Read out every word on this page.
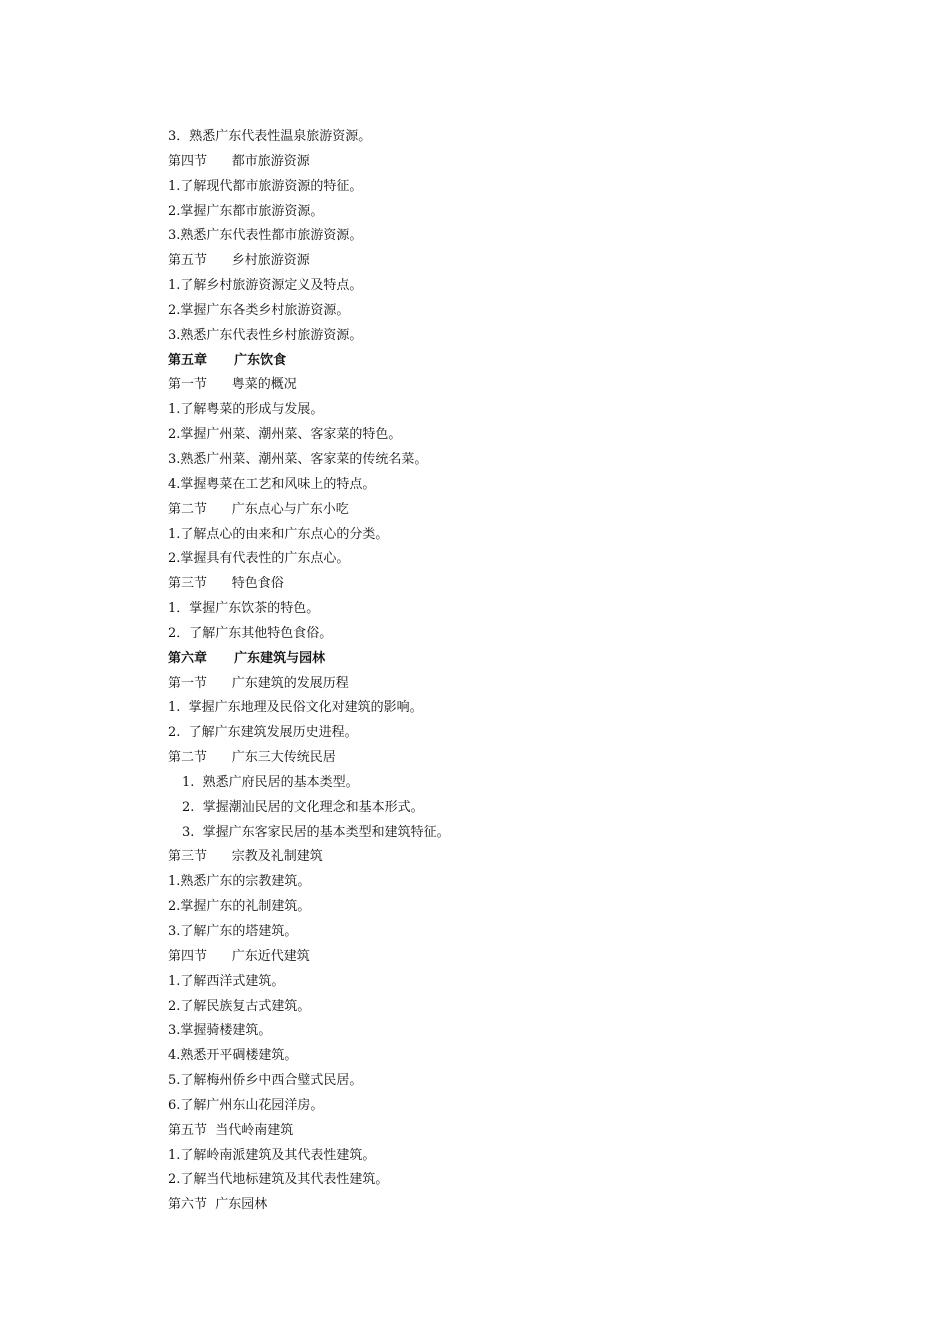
3．熟悉广东代表性温泉旅游资源。
第四节      都市旅游资源
1.了解现代都市旅游资源的特征。
2.掌握广东都市旅游资源。
3.熟悉广东代表性都市旅游资源。
第五节      乡村旅游资源
1.了解乡村旅游资源定义及特点。
2.掌握广东各类乡村旅游资源。
3.熟悉广东代表性乡村旅游资源。
第五章      广东饮食
第一节      粤菜的概况
1.了解粤菜的形成与发展。
2.掌握广州菜、潮州菜、客家菜的特色。
3.熟悉广州菜、潮州菜、客家菜的传统名菜。
4.掌握粤菜在工艺和风味上的特点。
第二节      广东点心与广东小吃
1.了解点心的由来和广东点心的分类。
2.掌握具有代表性的广东点心。
第三节      特色食俗
1．掌握广东饮茶的特色。
2．了解广东其他特色食俗。
第六章      广东建筑与园林
第一节      广东建筑的发展历程
1.  掌握广东地理及民俗文化对建筑的影响。
2.  了解广东建筑发展历史进程。
第二节      广东三大传统民居
1.  熟悉广府民居的基本类型。
2.  掌握潮汕民居的文化理念和基本形式。
3.  掌握广东客家民居的基本类型和建筑特征。
第三节      宗教及礼制建筑
1.熟悉广东的宗教建筑。
2.掌握广东的礼制建筑。
3.了解广东的塔建筑。
第四节      广东近代建筑
1.了解西洋式建筑。
2.了解民族复古式建筑。
3.掌握骑楼建筑。
4.熟悉开平碉楼建筑。
5.了解梅州侨乡中西合璧式民居。
6.了解广州东山花园洋房。
第五节  当代岭南建筑
1.了解岭南派建筑及其代表性建筑。
2.了解当代地标建筑及其代表性建筑。
第六节  广东园林
